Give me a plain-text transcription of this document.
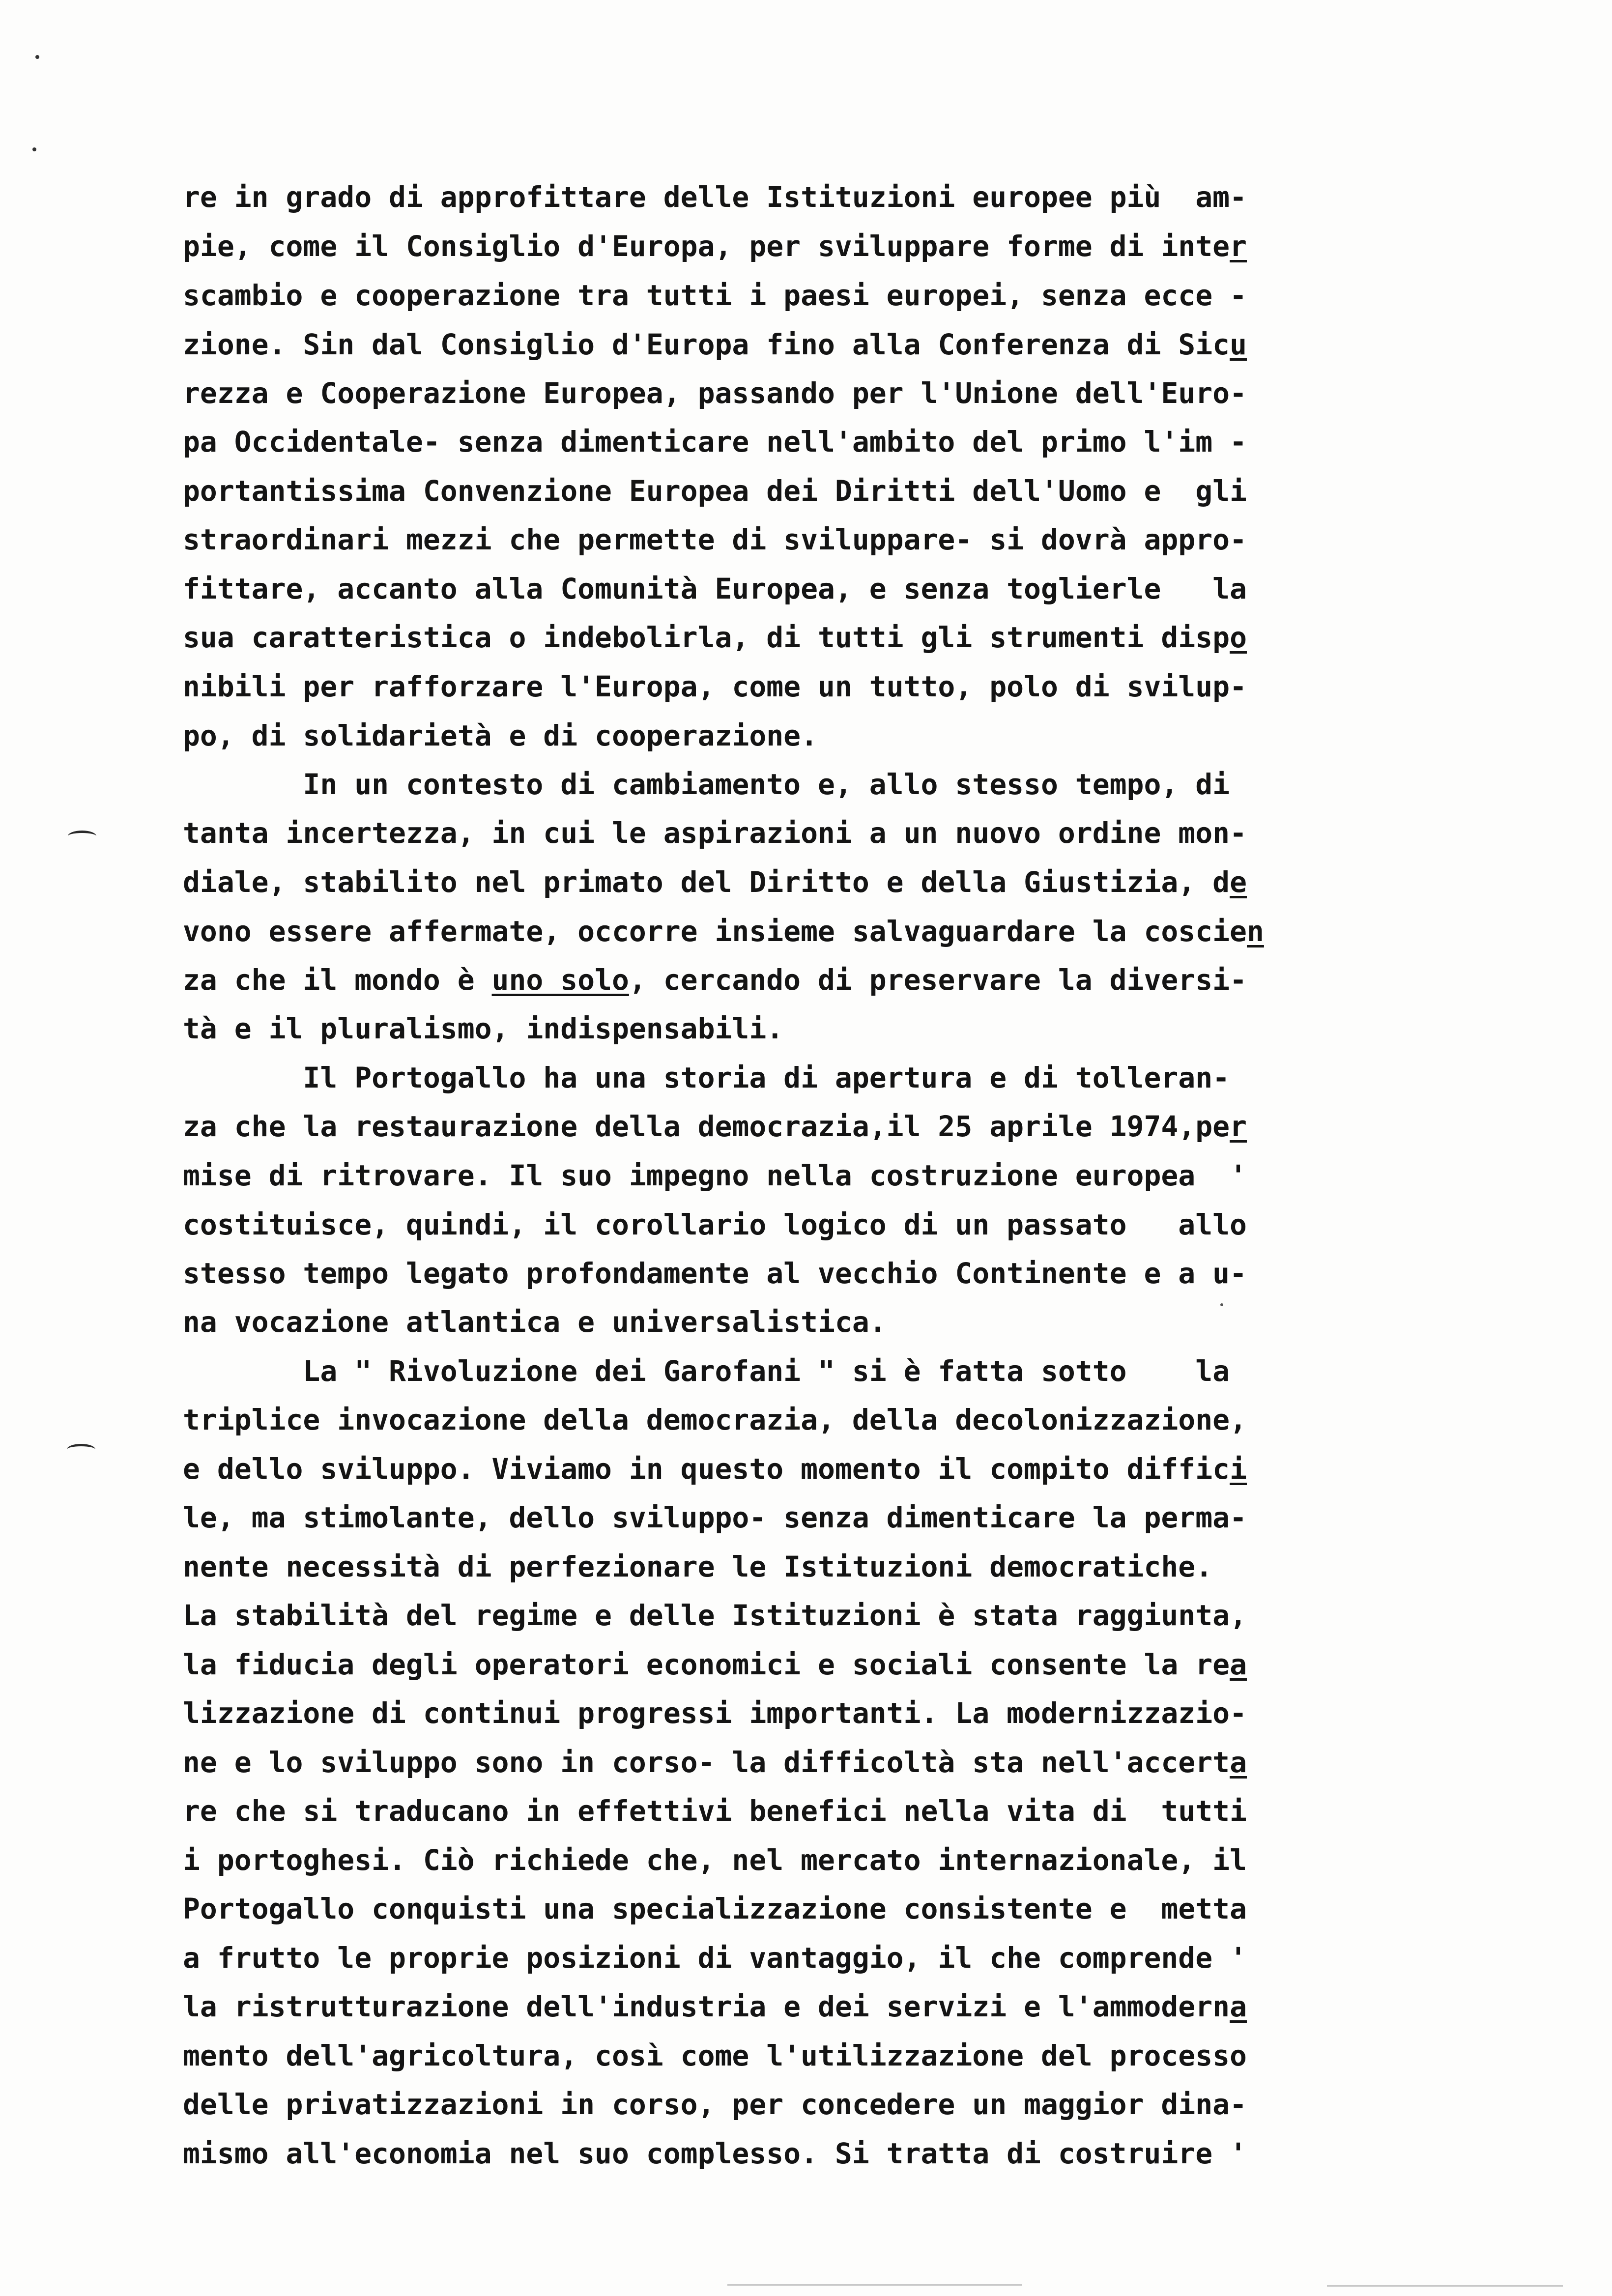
re in grado di approfittare delle Istituzioni europee più  am-
pie, come il Consiglio d'Europa, per sviluppare forme di inter
scambio e cooperazione tra tutti i paesi europei, senza ecce -
zione. Sin dal Consiglio d'Europa fino alla Conferenza di Sicu
rezza e Cooperazione Europea, passando per l'Unione dell'Euro-
pa Occidentale- senza dimenticare nell'ambito del primo l'im -
portantissima Convenzione Europea dei Diritti dell'Uomo e  gli
straordinari mezzi che permette di sviluppare- si dovrà appro-
fittare, accanto alla Comunità Europea, e senza toglierle   la
sua caratteristica o indebolirla, di tutti gli strumenti dispo
nibili per rafforzare l'Europa, come un tutto, polo di svilup-
po, di solidarietà e di cooperazione.
In un contesto di cambiamento e, allo stesso tempo, di
tanta incertezza, in cui le aspirazioni a un nuovo ordine mon-
diale, stabilito nel primato del Diritto e della Giustizia, de
vono essere affermate, occorre insieme salvaguardare la coscien
za che il mondo è uno solo, cercando di preservare la diversi-
tà e il pluralismo, indispensabili.
Il Portogallo ha una storia di apertura e di tolleran-
za che la restaurazione della democrazia,il 25 aprile 1974,per
mise di ritrovare. Il suo impegno nella costruzione europea  '
costituisce, quindi, il corollario logico di un passato   allo
stesso tempo legato profondamente al vecchio Continente e a u-
na vocazione atlantica e universalistica.
La " Rivoluzione dei Garofani " si è fatta sotto    la
triplice invocazione della democrazia, della decolonizzazione,
e dello sviluppo. Viviamo in questo momento il compito diffici
le, ma stimolante, dello sviluppo- senza dimenticare la perma-
nente necessità di perfezionare le Istituzioni democratiche.
La stabilità del regime e delle Istituzioni è stata raggiunta,
la fiducia degli operatori economici e sociali consente la rea
lizzazione di continui progressi importanti. La modernizzazio-
ne e lo sviluppo sono in corso- la difficoltà sta nell'accerta
re che si traducano in effettivi benefici nella vita di  tutti
i portoghesi. Ciò richiede che, nel mercato internazionale, il
Portogallo conquisti una specializzazione consistente e  metta
a frutto le proprie posizioni di vantaggio, il che comprende '
la ristrutturazione dell'industria e dei servizi e l'ammoderna
mento dell'agricoltura, così come l'utilizzazione del processo
delle privatizzazioni in corso, per concedere un maggior dina-
mismo all'economia nel suo complesso. Si tratta di costruire '
